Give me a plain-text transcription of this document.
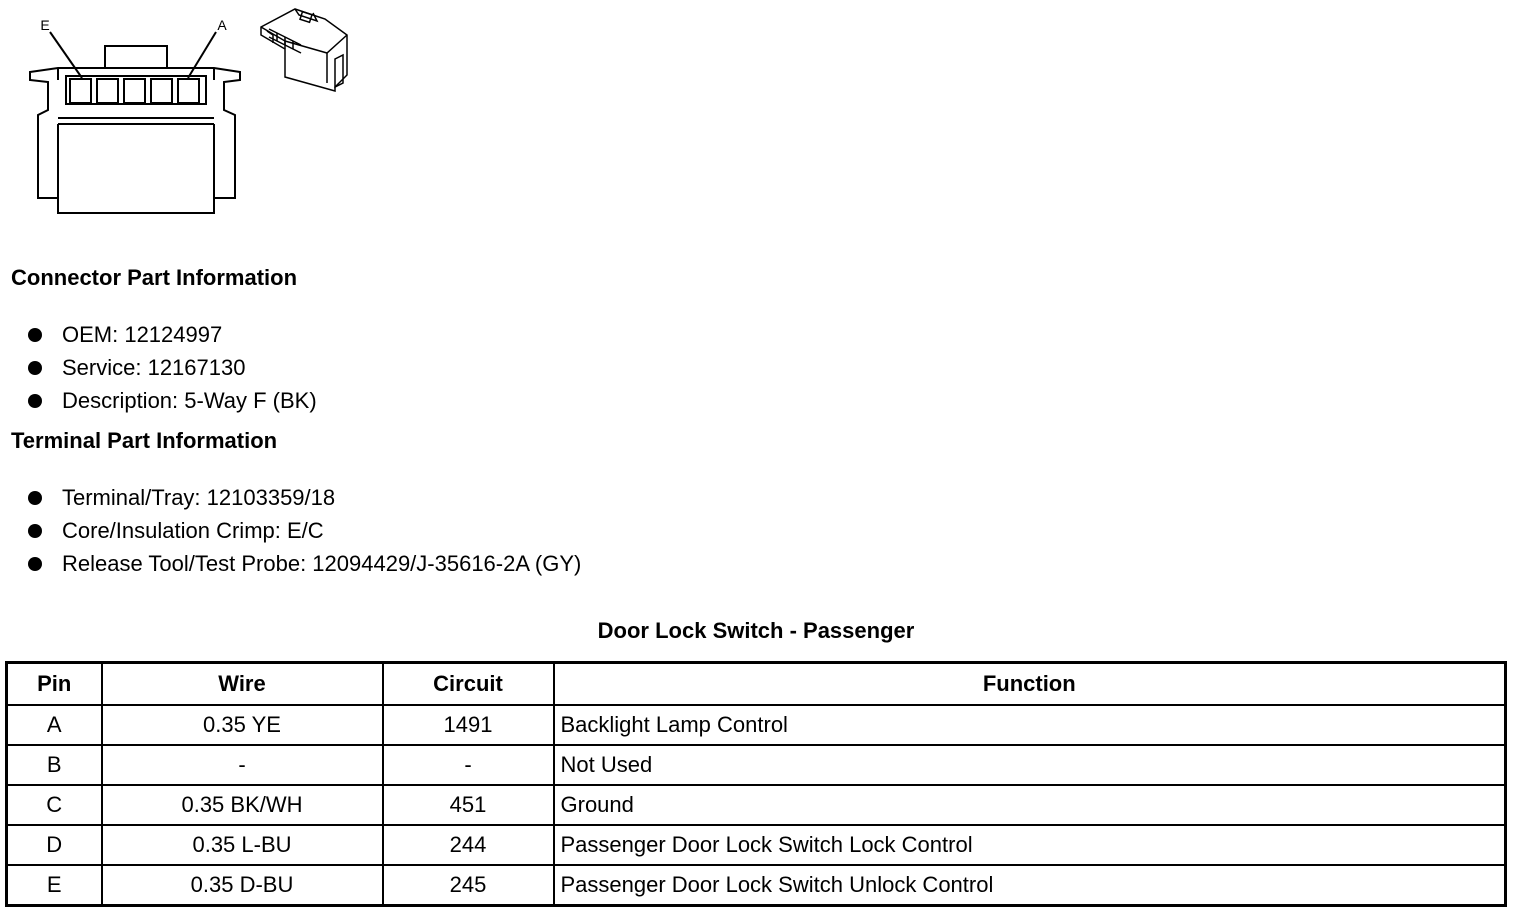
E	A
Connector Part Information
OEM: 12124997
Service: 12167130
Description: 5-Way F (BK)
Terminal Part Information
Terminal/Tray: 12103359/18
Core/Insulation Crimp: E/C
Release Tool/Test Probe: 12094429/J-35616-2A (GY)
Door Lock Switch - Passenger
Pin	Wire	Circuit	Function
A	0.35 YE	1491	Backlight Lamp Control
B	-	-	Not Used
C	0.35 BK/WH	451	Ground
D	0.35 L-BU	244	Passenger Door Lock Switch Lock Control
E	0.35 D-BU	245	Passenger Door Lock Switch Unlock Control
